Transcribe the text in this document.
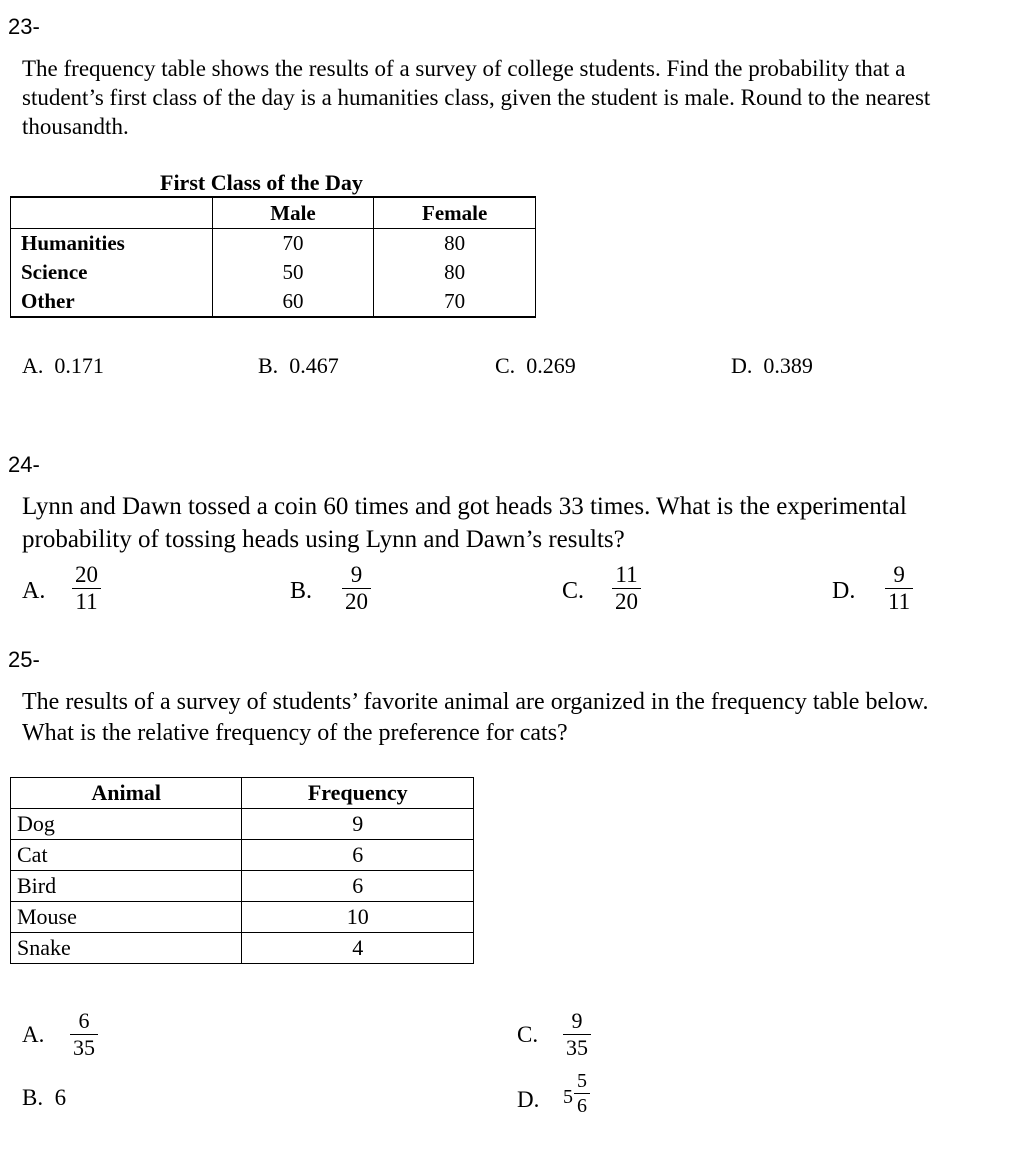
23-
The frequency table shows the results of a survey of college students. Find the probability that a
student’s first class of the day is a humanities class, given the student is male. Round to the nearest
thousandth.
First Class of the Day
	Male	Female
Humanities	70	80
Science	50	80
Other	60	70
A. 0.171	B. 0.467	C. 0.269	D. 0.389
24-
Lynn and Dawn tossed a coin 60 times and got heads 33 times. What is the experimental
probability of tossing heads using Lynn and Dawn’s results?
A. $\frac{20}{11}$	B. $\frac{9}{20}$	C. $\frac{11}{20}$	D. $\frac{9}{11}$
25-
The results of a survey of students’ favorite animal are organized in the frequency table below.
What is the relative frequency of the preference for cats?
Animal	Frequency
Dog	9
Cat	6
Bird	6
Mouse	10
Snake	4
A. $\frac{6}{35}$	C. $\frac{9}{35}$
B. 6	D. $5 \frac{5}{6}$
